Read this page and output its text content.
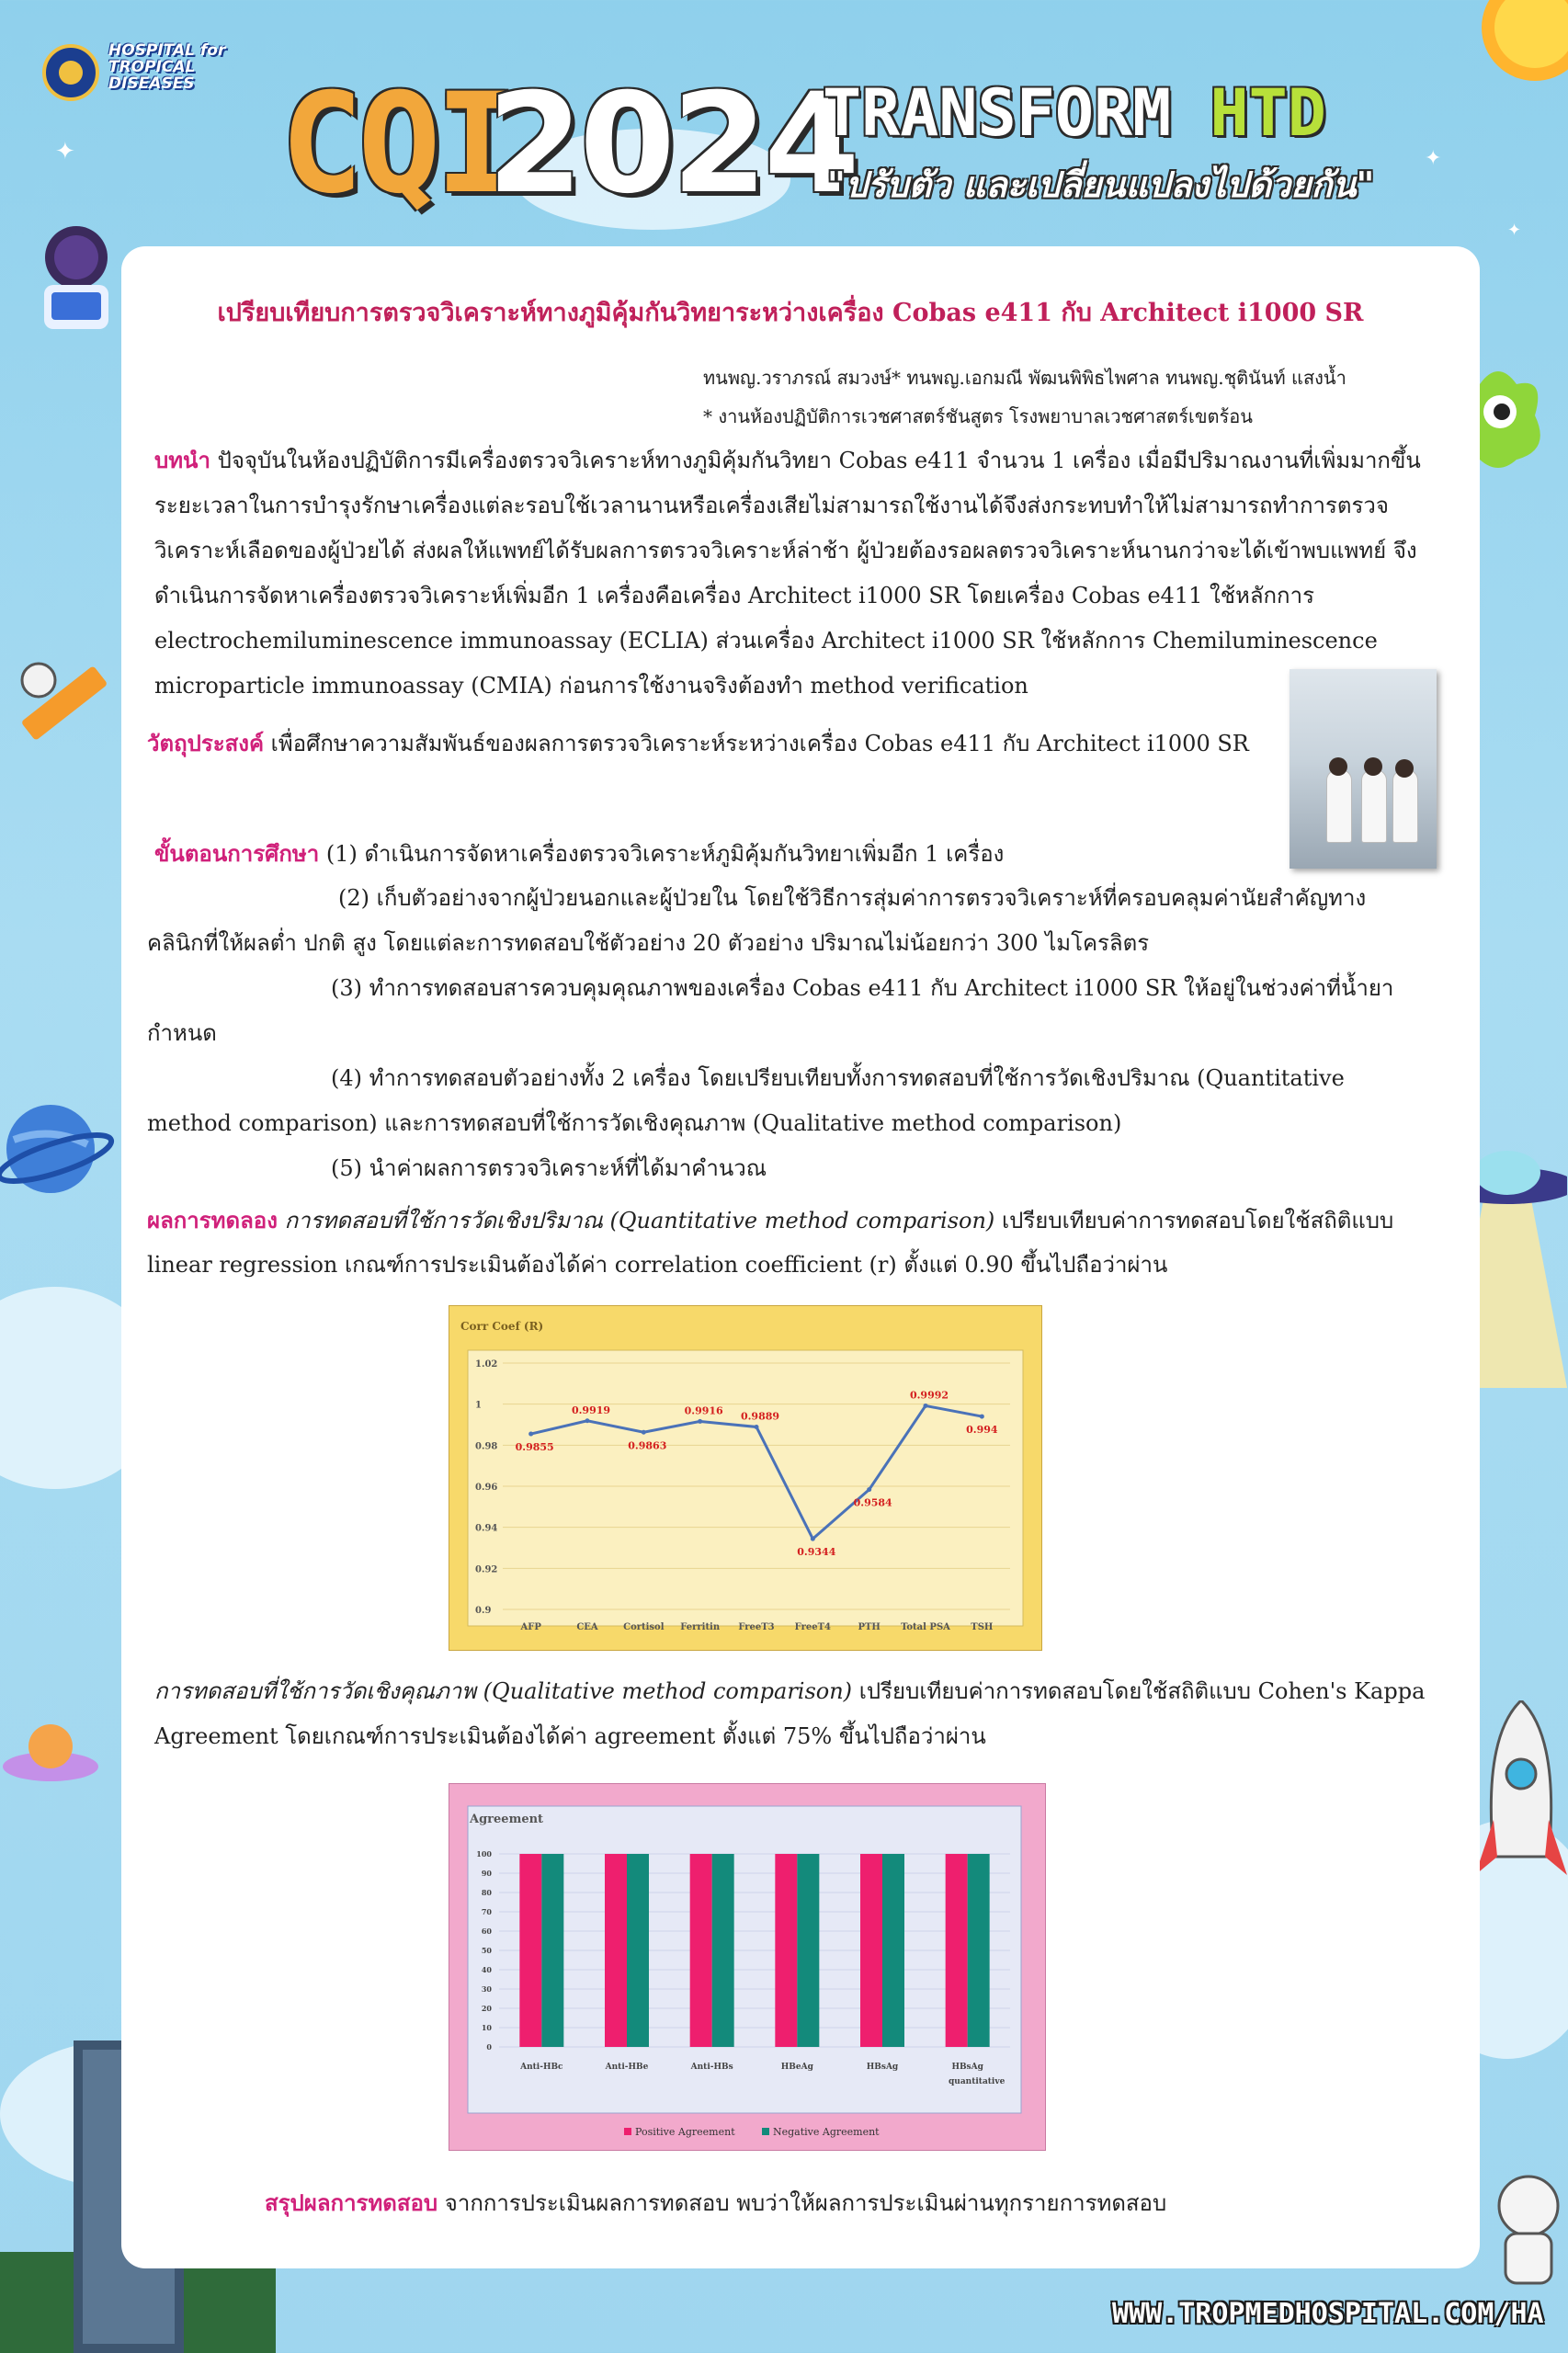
✦	✦
✦
HOSPITAL for TROPICAL DISEASES CQI
2024
TRANSFORM HTD
"ปรับตัว และเปลี่ยนแปลงไปด้วยกัน"
เปรียบเทียบการตรวจวิเคราะห์ทางภูมิคุ้มกันวิทยาระหว่างเครื่อง Cobas e411 กับ Architect i1000 SR
ทนพญ.วราภรณ์ สมวงษ์* ทนพญ.เอกมณี พัฒนพิพิธไพศาล ทนพญ.ชุตินันท์ แสงน้ำ
* งานห้องปฏิบัติการเวชศาสตร์ชันสูตร โรงพยาบาลเวชศาสตร์เขตร้อน

บทนำ ปัจจุบันในห้องปฏิบัติการมีเครื่องตรวจวิเคราะห์ทางภูมิคุ้มกันวิทยา Cobas e411 จำนวน 1 เครื่อง เมื่อมีปริมาณงานที่เพิ่มมากขึ้น ระยะเวลาในการบำรุงรักษาเครื่องแต่ละรอบใช้เวลานานหรือเครื่องเสียไม่สามารถใช้งานได้จึงส่งกระทบทำให้ไม่สามารถทำการตรวจวิเคราะห์เลือดของผู้ป่วยได้ ส่งผลให้แพทย์ได้รับผลการตรวจวิเคราะห์ล่าช้า ผู้ป่วยต้องรอผลตรวจวิเคราะห์นานกว่าจะได้เข้าพบแพทย์ จึงดำเนินการจัดหาเครื่องตรวจวิเคราะห์เพิ่มอีก 1 เครื่องคือเครื่อง Architect i1000 SR โดยเครื่อง Cobas e411 ใช้หลักการ electrochemiluminescence immunoassay (ECLIA) ส่วนเครื่อง Architect i1000 SR ใช้หลักการ Chemiluminescence microparticle immunoassay (CMIA) ก่อนการใช้งานจริงต้องทำ method verification

วัตถุประสงค์ เพื่อศึกษาความสัมพันธ์ของผลการตรวจวิเคราะห์ระหว่างเครื่อง Cobas e411 กับ Architect i1000 SR

ขั้นตอนการศึกษา (1) ดำเนินการจัดหาเครื่องตรวจวิเคราะห์ภูมิคุ้มกันวิทยาเพิ่มอีก 1 เครื่อง

(2) เก็บตัวอย่างจากผู้ป่วยนอกและผู้ป่วยใน โดยใช้วิธีการสุ่มค่าการตรวจวิเคราะห์ที่ครอบคลุมค่านัยสำคัญทาง
คลินิกที่ให้ผลต่ำ ปกติ สูง โดยแต่ละการทดสอบใช้ตัวอย่าง 20 ตัวอย่าง ปริมาณไม่น้อยกว่า 300 ไมโครลิตร
(3) ทำการทดสอบสารควบคุมคุณภาพของเครื่อง Cobas e411 กับ Architect i1000 SR ให้อยู่ในช่วงค่าที่น้ำยา
กำหนด
(4) ทำการทดสอบตัวอย่างทั้ง 2 เครื่อง โดยเปรียบเทียบทั้งการทดสอบที่ใช้การวัดเชิงปริมาณ (Quantitative
method comparison) และการทดสอบที่ใช้การวัดเชิงคุณภาพ (Qualitative method comparison)
(5) นำค่าผลการตรวจวิเคราะห์ที่ได้มาคำนวณ

ผลการทดลอง การทดสอบที่ใช้การวัดเชิงปริมาณ (Quantitative method comparison) เปรียบเทียบค่าการทดสอบโดยใช้สถิติแบบ

linear regression เกณฑ์การประเมินต้องได้ค่า correlation coefficient (r) ตั้งแต่ 0.90 ขึ้นไปถือว่าผ่าน
Corr Coef (R)
0.9
0.92
0.94
0.96
0.98
1
1.02
0.9855
AFP
0.9919
CEA
0.9863
Cortisol
0.9916
Ferritin
0.9889
FreeT3
0.9344
FreeT4
0.9584
PTH
0.9992
Total PSA
0.994
TSH

การทดสอบที่ใช้การวัดเชิงคุณภาพ (Qualitative method comparison) เปรียบเทียบค่าการทดสอบโดยใช้สถิติแบบ Cohen's Kappa

Agreement โดยเกณฑ์การประเมินต้องได้ค่า agreement ตั้งแต่ 75% ขึ้นไปถือว่าผ่าน
Agreement
0
10
20
30
40
50
60
70
80
90
100
Anti-HBc	Anti-HBe	Anti-HBs	HBeAg	HBsAg	HBsAg
quantitative
Positive Agreement	Negative Agreement

สรุปผลการทดสอบ จากการประเมินผลการทดสอบ พบว่าให้ผลการประเมินผ่านทุกรายการทดสอบ

WWW.TROPMEDHOSPITAL.COM/HA
